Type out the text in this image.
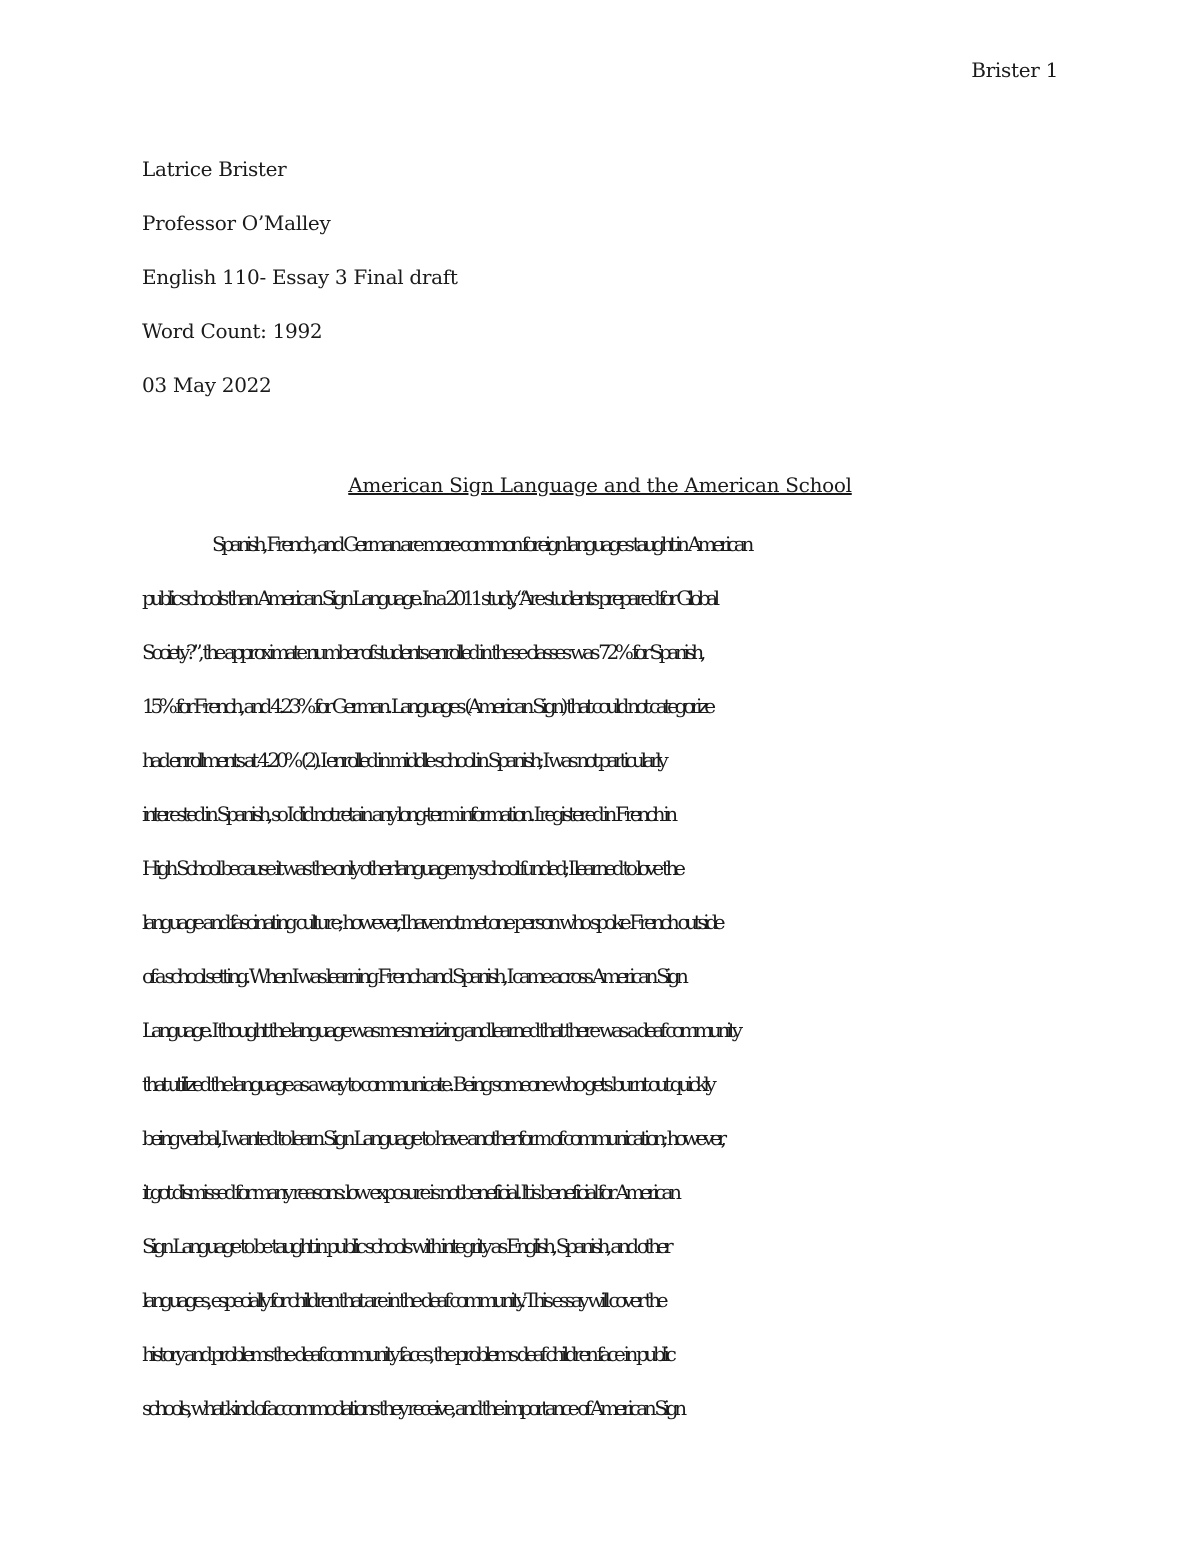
Brister 1
Latrice Brister
Professor O’Malley
English 110- Essay 3 Final draft
Word Count: 1992
03 May 2022
American Sign Language and the American School
Spanish, French, and German are more common foreign languages taught in American
public schools than American Sign Language. In a 2011 study, “Are students prepared for Global
Society?”, the approximate number of students enrolled in these classes was 72% for Spanish,
15% for French, and 4.23% for German. Languages (American Sign) that could not categorize
had enrollments at 4.20% (2). I enrolled in middle school in Spanish; I was not particularly
interested in Spanish, so I did not retain any long-term information. I registered in French in
High School because it was the only other language my school funded; I learned to love the
language and fascinating culture; however, I have not met one person who spoke French outside
of a school setting. When I was learning French and Spanish, I came across American Sign
Language. I thought the language was mesmerizing and learned that there was a deaf community
that utilized the language as a way to communicate. Being someone who gets burnt out quickly
being verbal, I wanted to learn Sign Language to have another form of communication; however,
it got dismissed for many reasons: low exposure is not beneficial. It is beneficial for American
Sign Language to be taught in public schools with integrity as English, Spanish, and other
languages, especially for children that are in the deaf community. This essay will cover the
history and problems the deaf community faces, the problems deaf children face in public
schools, what kind of accommodations they receive, and the importance of American Sign
